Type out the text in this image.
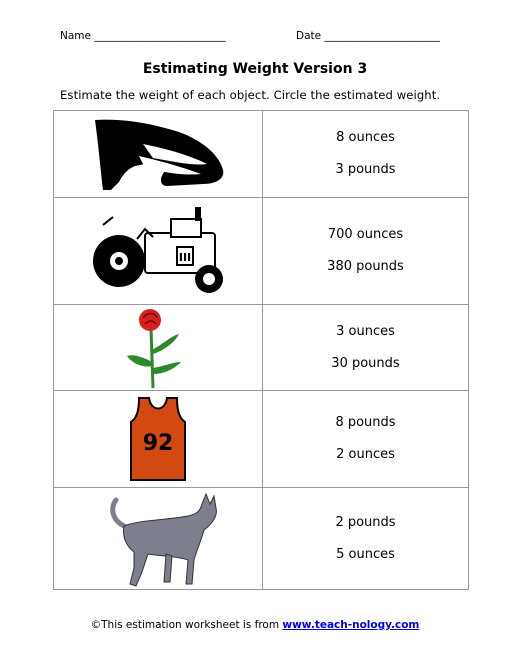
Name _________________________	Date ______________________
Estimating Weight Version 3
Estimate the weight of each object. Circle the estimated weight.

8 ounces
3 pounds

III	700 ounces
380 pounds

3 ounces
30 pounds

92	8 pounds
2 ounces

2 pounds
5 ounces
©This estimation worksheet is from www.teach-nology.com
